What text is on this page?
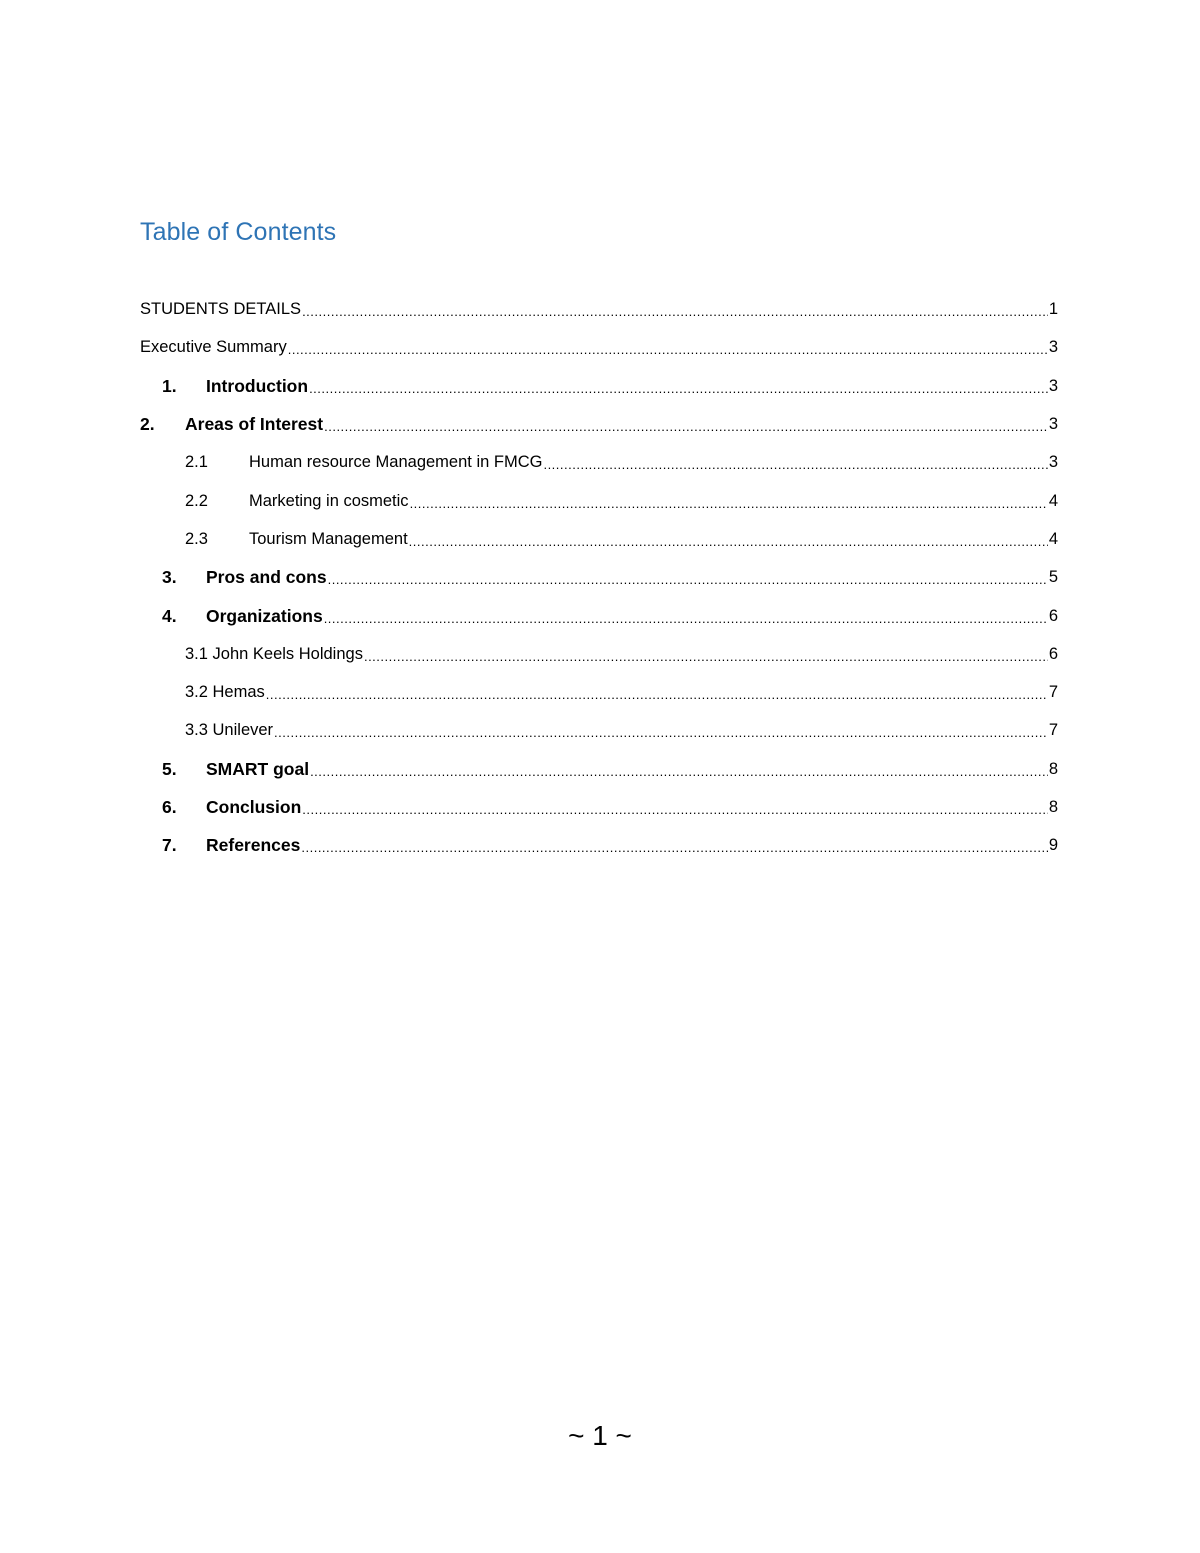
Table of Contents
STUDENTS DETAILS .....	1
Executive Summary .....	3
1.	Introduction .....	3
2.	Areas of Interest .....	3
2.1	Human resource Management in FMCG .....	3
2.2	Marketing in cosmetic .....	4
2.3	Tourism Management .....	4
3.	Pros and cons .....	5
4.	Organizations .....	6
3.1 John Keels Holdings .....	6
3.2 Hemas .....	7
3.3 Unilever .....	7
5.	SMART goal .....	8
6.	Conclusion .....	8
7.	References .....	9
~ 1 ~
